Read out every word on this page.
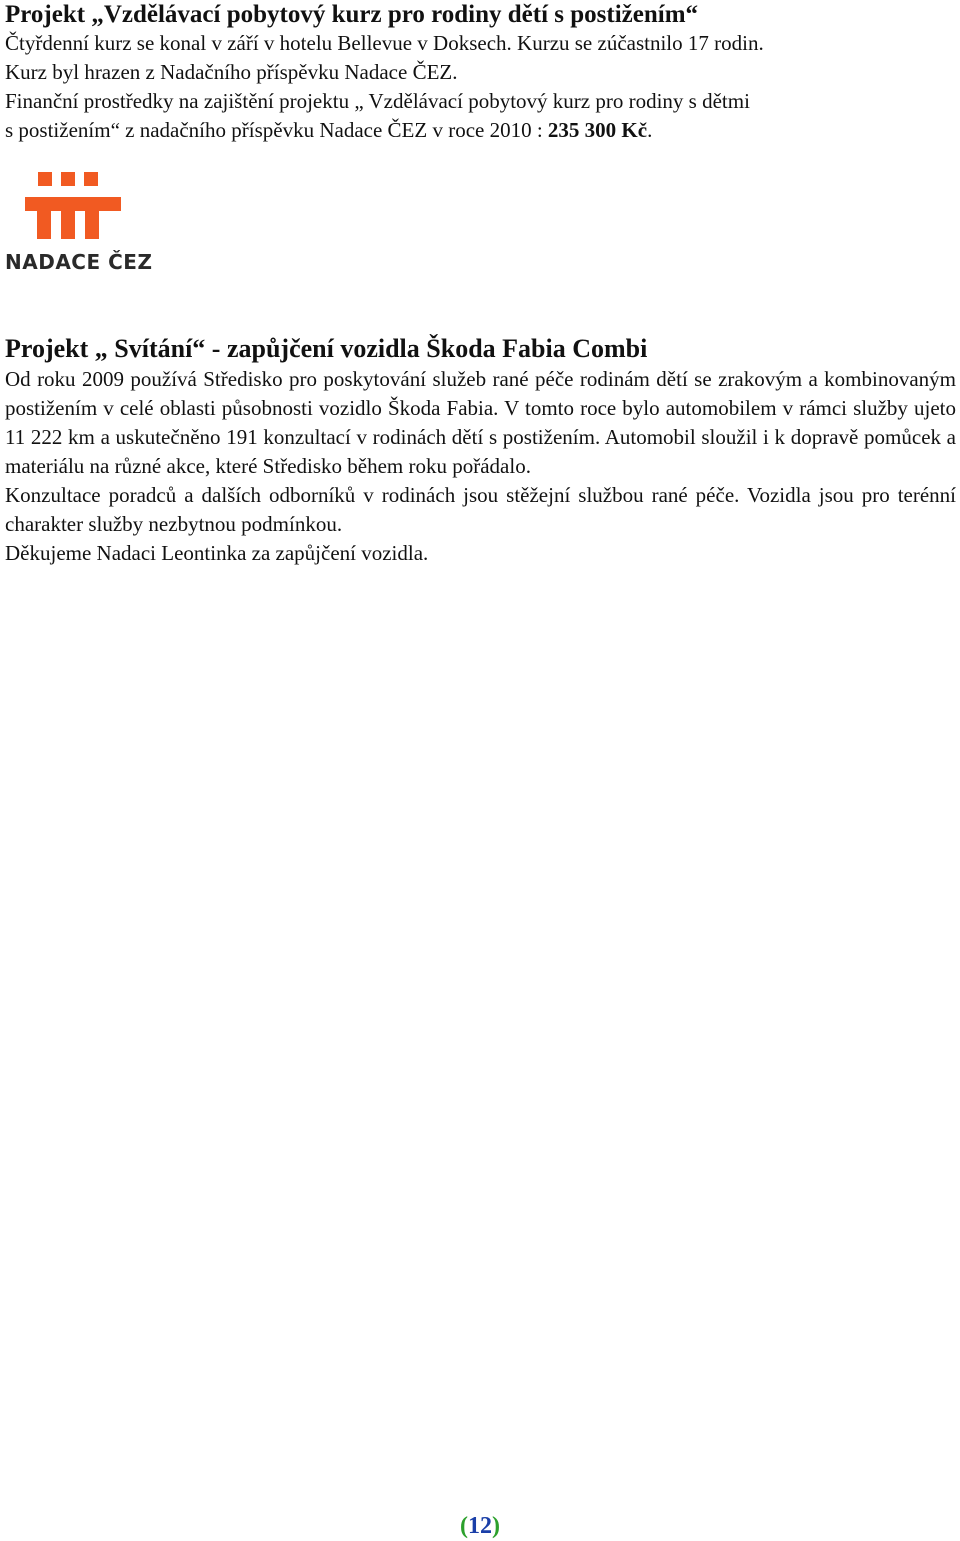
Projekt „Vzdělávací pobytový kurz pro rodiny dětí s postižením“

Čtyřdenní kurz se konal v září v hotelu Bellevue v Doksech. Kurzu se zúčastnilo 17 rodin.

Kurz byl hrazen z Nadačního příspěvku Nadace ČEZ.

Finanční prostředky na zajištění projektu „ Vzdělávací pobytový kurz pro rodiny s dětmi

s postižením“ z nadačního příspěvku Nadace ČEZ v roce 2010 : 235 300 Kč.

NADACE ČEZ
Projekt „ Svítání“ - zapůjčení vozidla Škoda Fabia Combi

Od roku 2009 používá Středisko pro poskytování služeb rané péče rodinám dětí se zrakovým a kombinovaným postižením v celé oblasti působnosti vozidlo Škoda Fabia. V tomto roce bylo automobilem v rámci služby ujeto 11 222 km a uskutečněno 191 konzultací v rodinách dětí s postižením. Automobil sloužil i k dopravě pomůcek a materiálu na různé akce, které Středisko během roku pořádalo.

Konzultace poradců a dalších odborníků v rodinách jsou stěžejní službou rané péče. Vozidla jsou pro terénní charakter služby nezbytnou podmínkou.

Děkujeme Nadaci Leontinka za zapůjčení vozidla.

(12)
